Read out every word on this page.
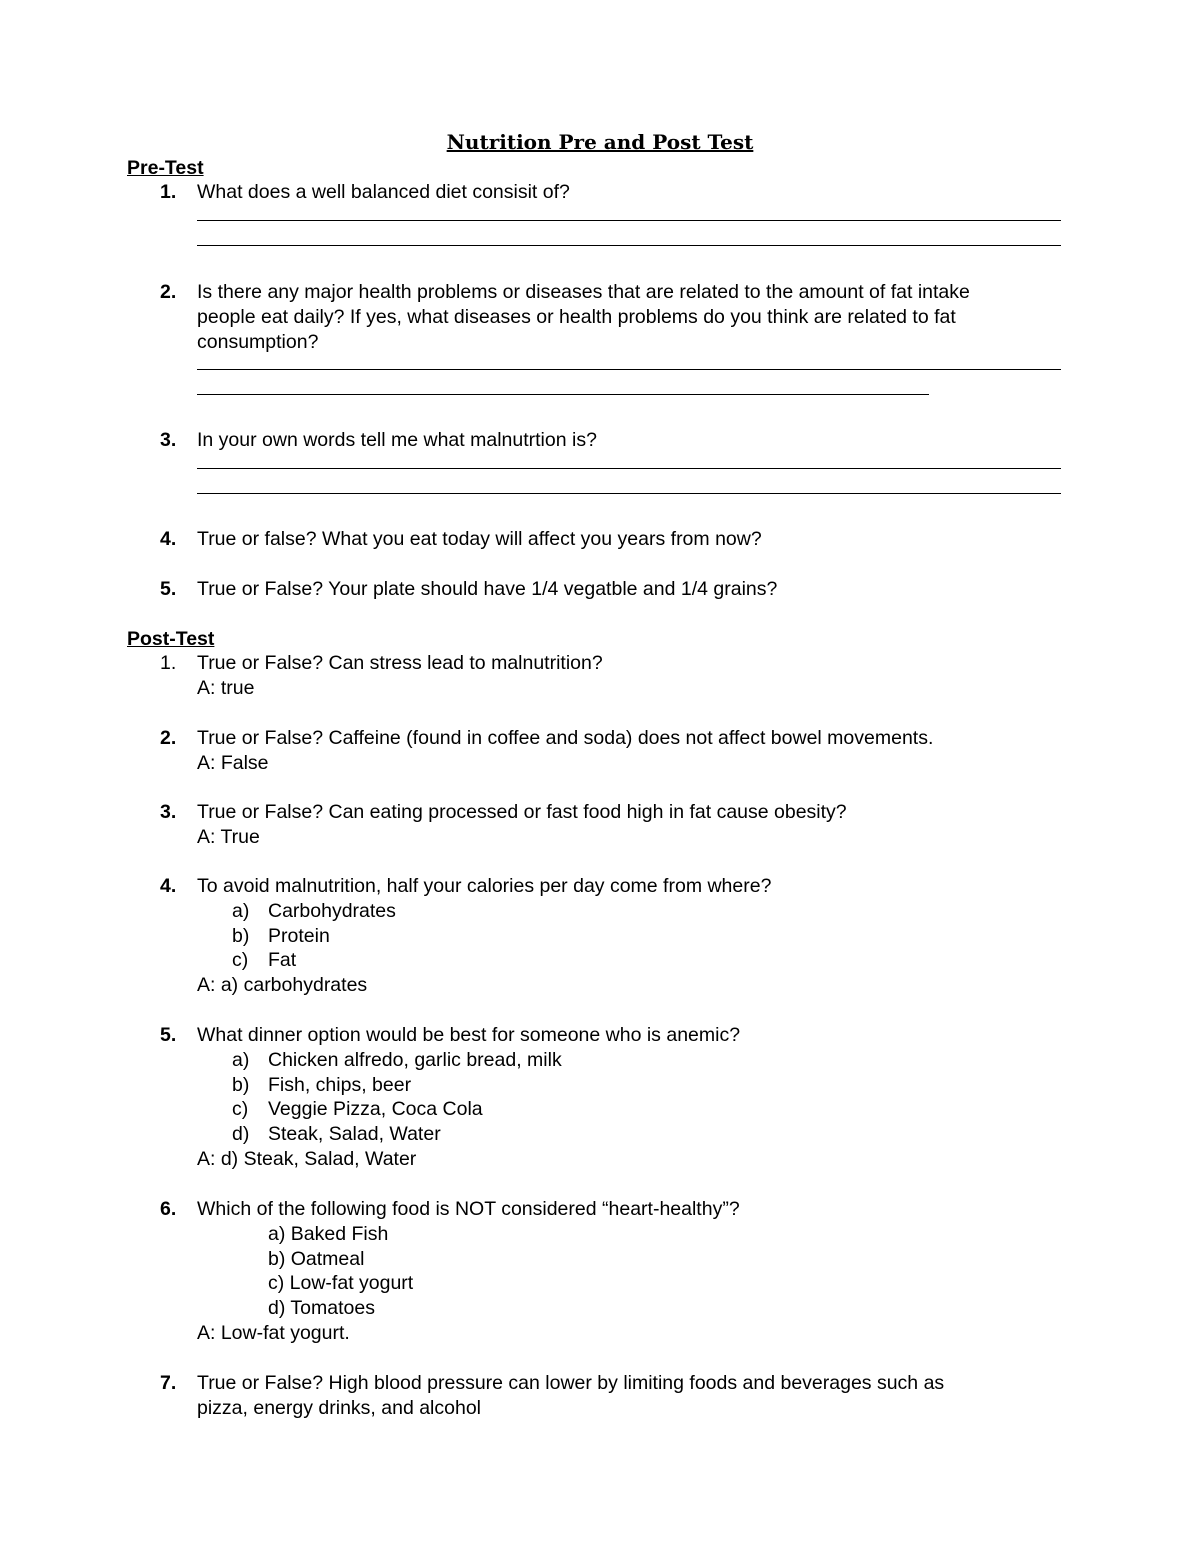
Nutrition Pre and Post Test
Pre-Test
1.	What does a well balanced diet consisit of?
2.	Is there any major health problems or diseases that are related to the amount of fat intake
people eat daily? If yes, what diseases or health problems do you think are related to fat
consumption?
3.	In your own words tell me what malnutrtion is?
4.	True or false? What you eat today will affect you years from now?
5.	True or False? Your plate should have 1/4 vegatble and 1/4 grains?
Post-Test
1.	True or False? Can stress lead to malnutrition?
A: true
2.	True or False? Caffeine (found in coffee and soda) does not affect bowel movements.
A: False
3.	True or False? Can eating processed or fast food high in fat cause obesity?
A: True
4.	To avoid malnutrition, half your calories per day come from where?
a) Carbohydrates
b) Protein
c) Fat
A: a) carbohydrates
5.	What dinner option would be best for someone who is anemic?
a) Chicken alfredo, garlic bread, milk
b) Fish, chips, beer
c) Veggie Pizza, Coca Cola
d) Steak, Salad, Water
A: d) Steak, Salad, Water
6.	Which of the following food is NOT considered “heart-healthy”?
a) Baked Fish
b) Oatmeal
c) Low-fat yogurt
d) Tomatoes
A: Low-fat yogurt.
7.	True or False? High blood pressure can lower by limiting foods and beverages such as
pizza, energy drinks, and alcohol
